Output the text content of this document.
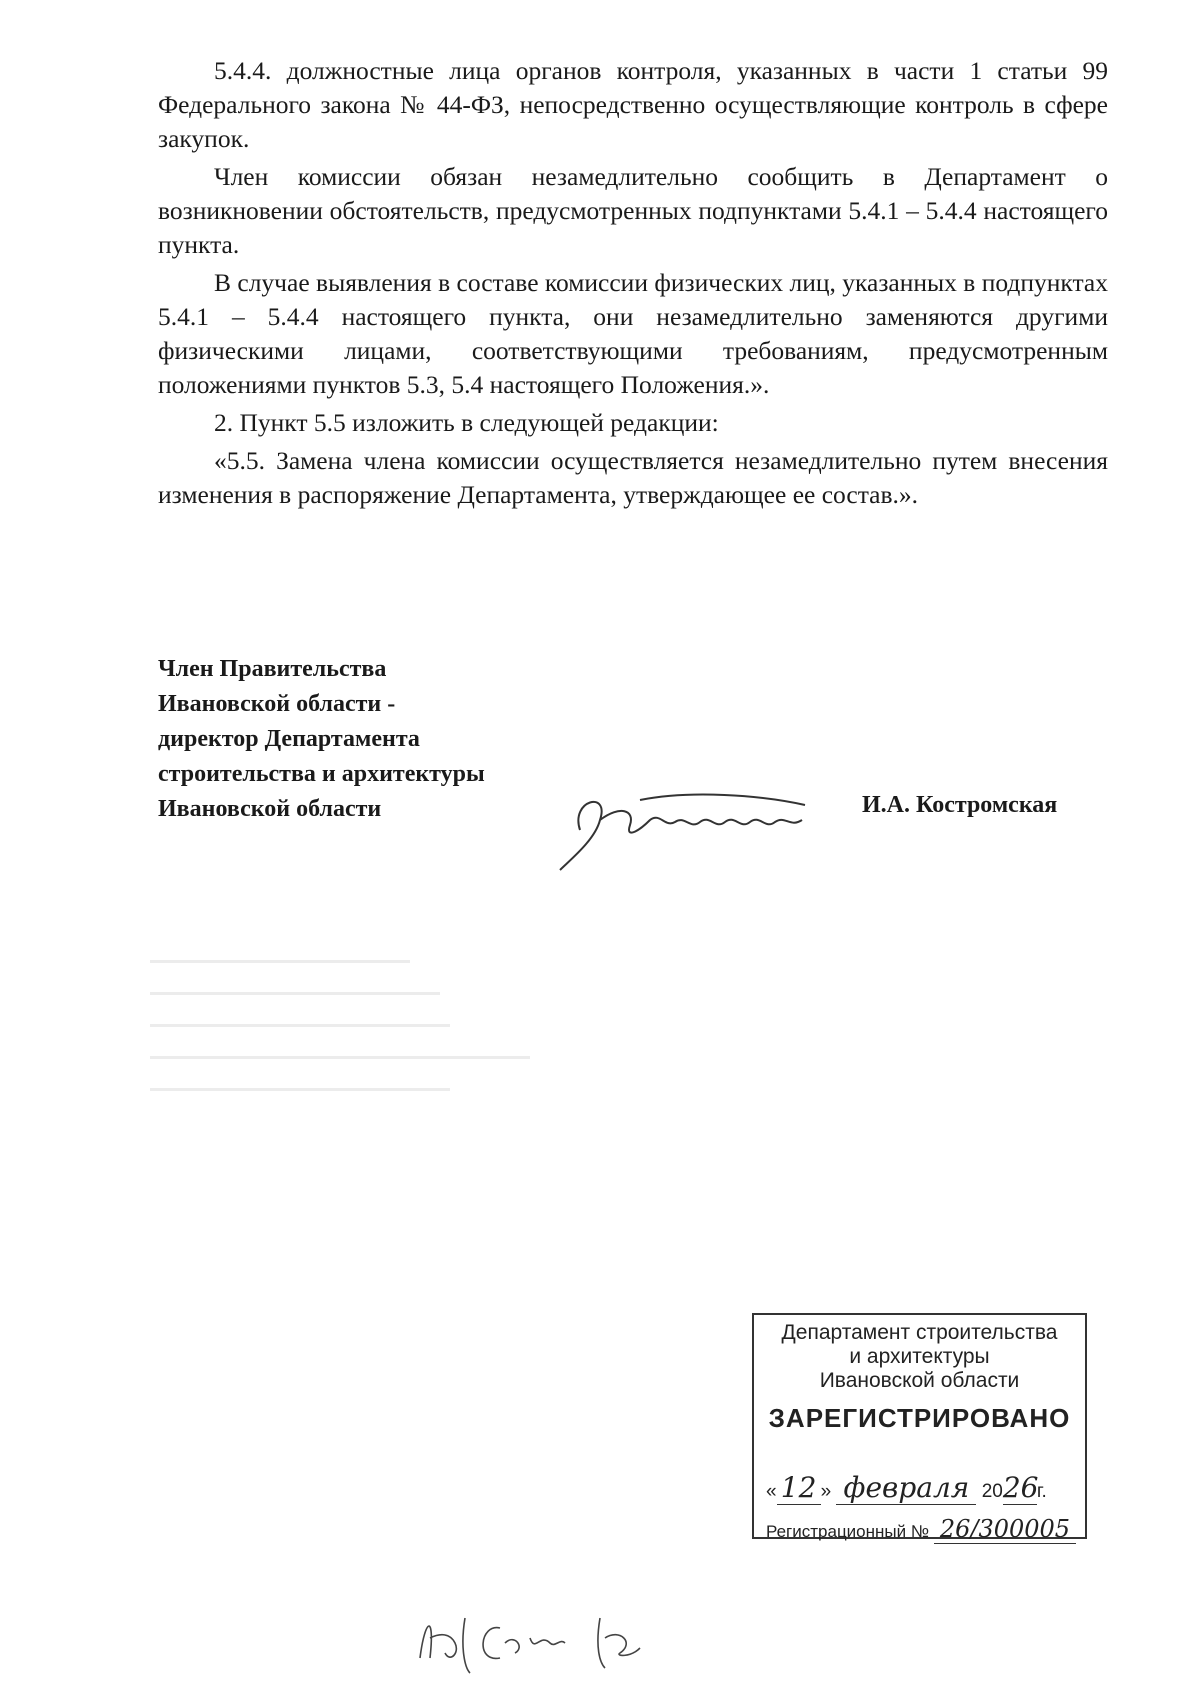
5.4.4. должностные лица органов контроля, указанных в части 1 статьи 99 Федерального закона № 44-ФЗ, непосредственно осуществляющие контроль в сфере закупок.

Член комиссии обязан незамедлительно сообщить в Департамент о возникновении обстоятельств, предусмотренных подпунктами 5.4.1 – 5.4.4 настоящего пункта.

В случае выявления в составе комиссии физических лиц, указанных в подпунктах 5.4.1 – 5.4.4 настоящего пункта, они незамедлительно заменяются другими физическими лицами, соответствующими требованиям, предусмотренным положениями пунктов 5.3, 5.4 настоящего Положения.».

2. Пункт 5.5 изложить в следующей редакции:

«5.5. Замена члена комиссии осуществляется незамедлительно путем внесения изменения в распоряжение Департамента, утверждающее ее состав.».

Член Правительства
Ивановской области -
директор Департамента
строительства и архитектуры
Ивановской области	И.А. Костромская
Департамент строительства
и архитектуры
Ивановской области
ЗАРЕГИСТРИРОВАНО
« 12 » февраля 2026г.
Регистрационный № 26/300005
